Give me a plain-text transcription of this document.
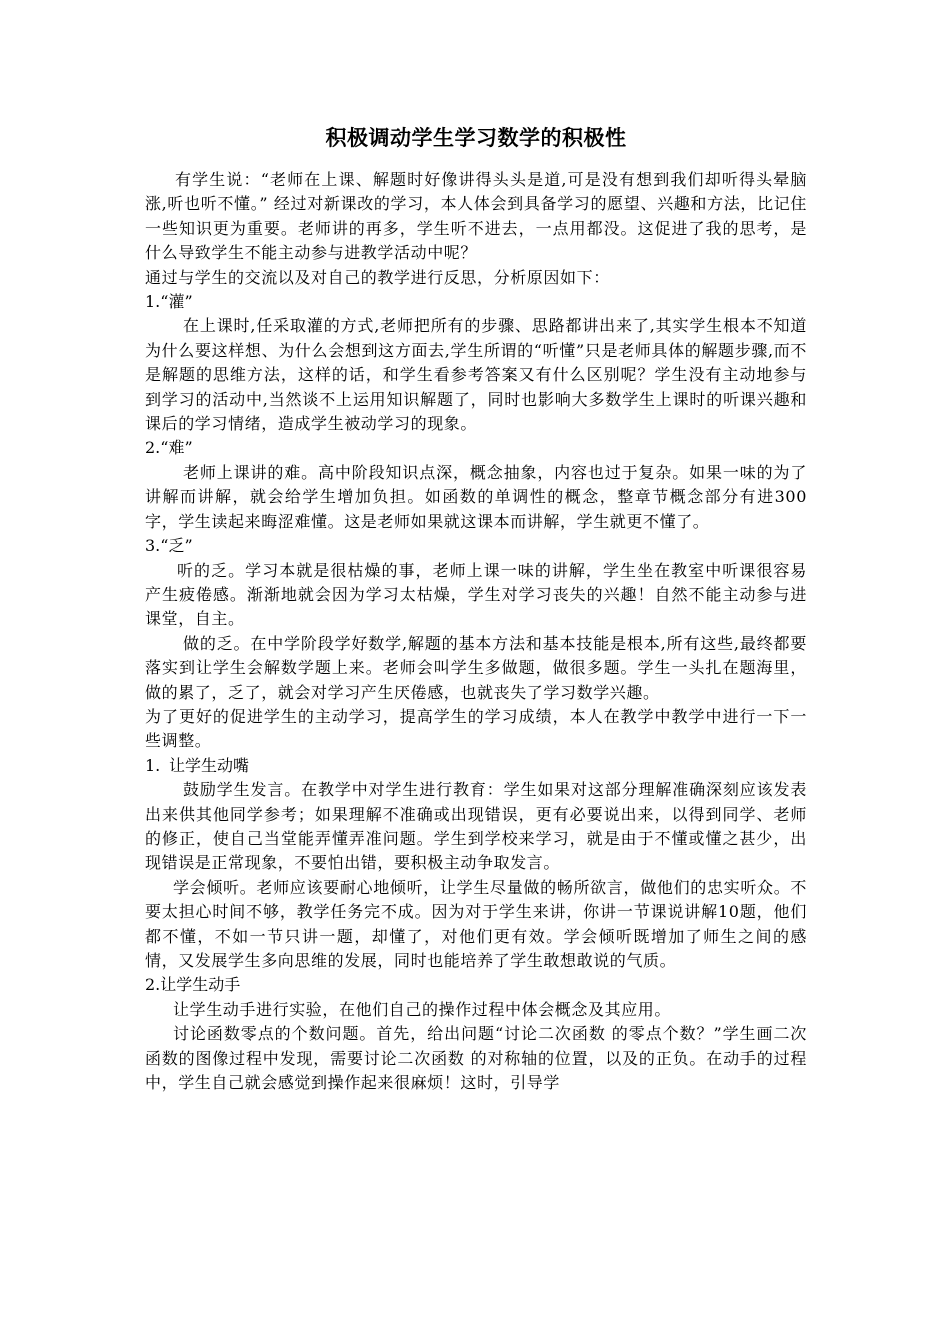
积极调动学生学习数学的积极性

有学生说：“老师在上课、解题时好像讲得头头是道,可是没有想到我们却听得头晕脑涨,听也听不懂。” 经过对新课改的学习，本人体会到具备学习的愿望、兴趣和方法，比记住一些知识更为重要。老师讲的再多，学生听不进去，一点用都没。这促进了我的思考，是什么导致学生不能主动参与进教学活动中呢？

通过与学生的交流以及对自己的教学进行反思，分析原因如下：

1.“灌”

在上课时,任采取灌的方式,老师把所有的步骤、思路都讲出来了,其实学生根本不知道为什么要这样想、为什么会想到这方面去,学生所谓的“听懂”只是老师具体的解题步骤,而不是解题的思维方法，这样的话，和学生看参考答案又有什么区别呢？学生没有主动地参与到学习的活动中,当然谈不上运用知识解题了，同时也影响大多数学生上课时的听课兴趣和课后的学习情绪，造成学生被动学习的现象。

2.“难”

老师上课讲的难。高中阶段知识点深，概念抽象，内容也过于复杂。如果一味的为了讲解而讲解，就会给学生增加负担。如函数的单调性的概念，整章节概念部分有进300字，学生读起来晦涩难懂。这是老师如果就这课本而讲解，学生就更不懂了。

3.“乏”

听的乏。学习本就是很枯燥的事，老师上课一味的讲解，学生坐在教室中听课很容易产生疲倦感。渐渐地就会因为学习太枯燥，学生对学习丧失的兴趣！自然不能主动参与进课堂，自主。

做的乏。在中学阶段学好数学,解题的基本方法和基本技能是根本,所有这些,最终都要落实到让学生会解数学题上来。老师会叫学生多做题，做很多题。学生一头扎在题海里，做的累了，乏了，就会对学习产生厌倦感，也就丧失了学习数学兴趣。

为了更好的促进学生的主动学习，提高学生的学习成绩，本人在教学中教学中进行一下一些调整。

1. 让学生动嘴

鼓励学生发言。在教学中对学生进行教育：学生如果对这部分理解准确深刻应该发表出来供其他同学参考；如果理解不准确或出现错误，更有必要说出来，以得到同学、老师的修正，使自己当堂能弄懂弄准问题。学生到学校来学习，就是由于不懂或懂之甚少，出现错误是正常现象，不要怕出错，要积极主动争取发言。

学会倾听。老师应该要耐心地倾听，让学生尽量做的畅所欲言，做他们的忠实听众。不要太担心时间不够，教学任务完不成。因为对于学生来讲，你讲一节课说讲解10题，他们都不懂，不如一节只讲一题，却懂了，对他们更有效。学会倾听既增加了师生之间的感情，又发展学生多向思维的发展，同时也能培养了学生敢想敢说的气质。

2.让学生动手

让学生动手进行实验，在他们自己的操作过程中体会概念及其应用。

讨论函数零点的个数问题。首先，给出问题“讨论二次函数 的零点个数？”学生画二次函数的图像过程中发现，需要讨论二次函数 的对称轴的位置，以及的正负。在动手的过程中，学生自己就会感觉到操作起来很麻烦！这时，引导学
